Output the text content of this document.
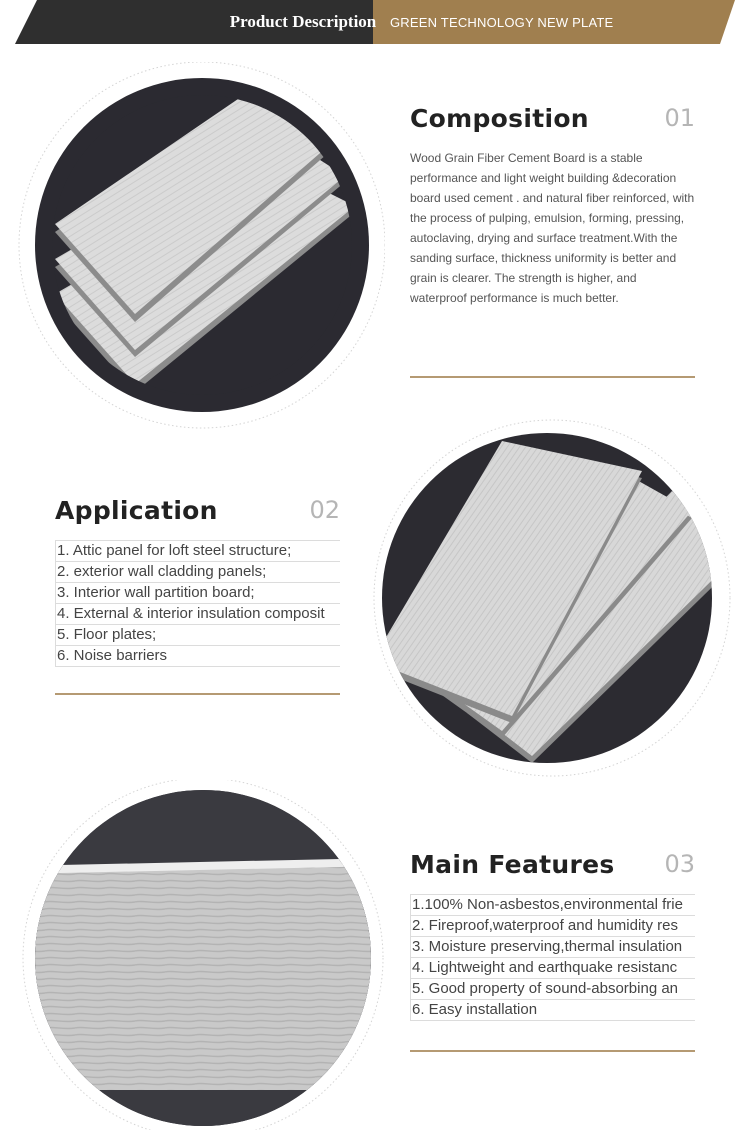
Product Description	GREEN TECHNOLOGY NEW PLATE
Composition	01
Wood Grain Fiber Cement Board is a stable performance and light weight building &decoration board used cement . and natural fiber reinforced, with the process of pulping, emulsion, forming, pressing, autoclaving, drying and surface treatment.With the sanding surface, thickness uniformity is better and grain is clearer. The strength is higher, and waterproof performance is much better.
Application	02
1. Attic panel for loft steel structure;
2. exterior wall cladding panels;
3. Interior wall partition board;
4. External & interior insulation composit
5. Floor plates;
6. Noise barriers
Main Features 03
1.100% Non-asbestos,environmental frie
2. Fireproof,waterproof and humidity res
3. Moisture preserving,thermal insulation
4. Lightweight and earthquake resistanc
5. Good property of sound-absorbing an
6. Easy installation
